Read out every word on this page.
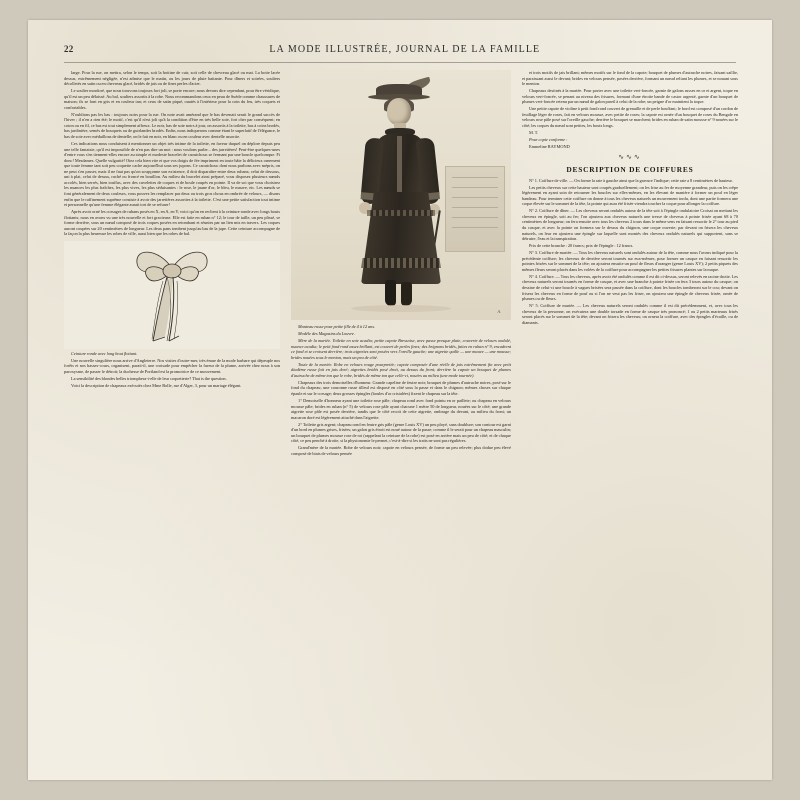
22	LA MODE ILLUSTRÉE, JOURNAL DE LA FAMILLE

large. Pour la rue, on mettra, selon le temps, soit la bottine de cuir, soit celle de chevreau glacé ou mat. La botte lacée dessus, extrêmement négligée, n'est admise que le matin, ou les jours de pluie battante. Pour dîners et soirées, souliers décolletés en satin ou en chevreau glacé, bridés de jais ou de fines perles d'acier.

Le soulier mordoré, que nous trouvons toujours fort joli, se porte encore; nous devons dire cependant, pour être véridique, qu'il est un peu délaissé. Au bal, souliers assortis à la robe. Nous recommandons ceux en peau de Suède comme chaussures de maison; ils se font en gris et en couleur tan; et ceux de satin piqué, ouatés à l'intérieur pour la coin du feu, très coquets et confortables.

N'oublions pas les bas : toujours noirs pour la rue. On note avait amérand que le bas devenait serait le grand succès de l'hiver ; il n'en a rien été; le motif, c'est qu'il n'est joli qu'à la condition d'être en très belle soie, fort cher par conséquent; en coton ou en fil, ce bas est tout simplement affreux. Le noir, bas de soie noirs à jour, on assortis à la toilette, bas à coins brodés, bas jardinière, semés de bouquets ou de guirlandes brodés. Enfin, nous indiquerons comme étant le superlatif de l'élégance, le bas de soie avec médaillons de dentelle; on le fait en noir, en blanc ou en couleur avec dentelle assortie.

Ces indications nous conduisent à mentionner un objet très intime de la toilette, en faveur duquel on déplore depuis peu une telle fantaisie, qu'il est impossible de n'en pas dire un mot : nous voulons parler... des jarretières! Peut-être quelques-unes d'entre vous s'en tiennent-elles encore au simple et modeste bracelet de caoutchouc se fermant par une boucle quelconque. Fi donc! Mesdames. Quelle vulgarité! Otez cela bien vite et que vos doigts de fée impriment en toute hâte la délicieux ornement que toute femme tant soit peu coquette cache aujourd'hui sous ses jupons. Ce caoutchouc dont nous parlions avec mépris, on ne peut s'en passer, mais il ne faut pas qu'on soupçonne son existence, il doit disparaître entre deux rubans; celui de dessous, uni à plat, celui de dessus, ruché ou froncé en bouillon. Au milieu du bracelet ainsi préparé, vous disposez plusieurs nœuds accolés, bien serrés, bien touffus, avec des cuvelettes de coques et de boule coupés en pointe. Il va de soi que vous choisirez les nuances les plus fraîches, les plus vives, les plus séduisantes : le rose, le jaune d'or, le bleu, le mauve, etc. Les nœuds se font généralement de deux couleurs, vous pouvez les remplacer par deux ou trois gros chous en ombrée de velours, — disons enfin que le raffinement suprême consiste à avoir des jarretières assorties à la toilette. C'est une petite satisfaction tout intime et personnelle qu'une femme élégante aurait tort de se refuser!

Après avoir orné les corsages de rubans posés en X, en A, en Y, voici qu'on en reclient à la ceinture ronde avec longs bouts flottants; nous en avons vu une très nouvelle et fort gracieuse. Elle est faite en ruban n° 12; le tour de taille, un peu plissé, se forme derrière, sous un nœud composé de trois coques posées en retombant et réunies par un lien mis en travers. Les coques auront coupées sur 20 centimètres de longueur. Les deux pans tombent jusqu'au bas de la jupe. Cette ceinture accompagne de la façon la plus heureuse les robes de ville, aussi bien que les robes de bal.

Ceinture ronde avec long bout flottant.

Une nouvelle singulière nous arrive d'Angleterre. Nos visites d'outre-mer, très émue de la mode barbare qui dépeuple nos forêts et nos basses-cours, organisent, parait-il, une croisade pour empêcher la fureur de la plume, arrivée chez nous à son paroxysme, de passer le détroit; la duchesse de Portland est la promotrice de ce mouvement.

La sensibilité des blondes belles triomphera-t-elle de leur coquetterie? That is the question.

Voici la description de chapeaux exécutés chez Mme Bolle, rue d'Alger, 3, pour un mariage élégant.

A.

Manteau russe pour petite fille de 4 à 12 ans.

Modèle des Magasins du Louvre.

Mère de la mariée. Toilette en soie acadia; petite capote Bressoise, avec passe presque plate, couverte de velours ondulé, nuance acadia; le petit fond rond assez brillant, est couvert de perles fines; des brignons bridés, faites en ruban n° 9, encadrent ce fond et se croisent derrière; trois aigrettes sont posées vers l'oreille gauche; une aigrette quille — une mauve — une mousse; brides nouées sous le menton, mais un peu de côté.

Toute de la mariée. Robe en velours rouge pourpretée; capote composée d'une réelle de jais extrêmement fin avec petit diadème russe fait en jais doré; aigrettes bridés posé droit, au dessus du front; derrière la capote un bouquet de plumes d'autruche de même ton que le robe, bridés de même ton que celle-ci, nouées au milieu (une mode tournée).

Chapeaux des trois demoiselles d'honneur. Grande capeline de feutre noir; bouquet de plumes d'autruche noires, posé sur le fond du chapeau; une couronne russe tilleul est disposé en côté sous la passe et dans le chignon; mêmes choses sur chaque épaule et sur le corsage; deux grosses épingles (boules d'or cristalées) fixent le chapeau sur la tête.

1° Demoiselle d'honneur ayant une toilette rose pâle; chapeau rond avec fond pointu en or paillete; ou chapeau en velours mousse pâle; brides en ruban (n° 5) de velours rose pâle ayant chacune 1 mètre 50 de longueur, nouées sur le côté; une grande aigrette rose pâle est posée derrière, tandis que le côté recoit de cette aigrette, ombrage du devant, au milieu du front; un macaron doré est légèrement attaché dans l'aigrette.

2° Toilette gris argent; chapeau rond en feutre gris pâle (genre Louis XV) un peu ployé, sans doublure; son contour est garni d'un bord en plumes grises, frisées; un galon gris étroit est noué autour de la passe; comme il le serait pour un chapeau masculin; un bouquet de plumes mousse rose de roi (rappelant la ceinture de la robe) est posé en arrière mais un peu de côté; et de chaque côté, ce peu penché à droite, si la physionomie le permet, c'est-à-dire si les traits ne sont pas régulières.

Grand'mère de la mariée. Robe de velours noir; capote en velours pensée, de forme un peu relevée; plus dodue peu élevé composé de biais de velours pensée

et trois motifs de jais brillant; mêmes motifs sur le fond de la capote; bouquet de plumes d'autruche noires, faisant saillie, et paraissant aussi le devant; brides en velours pensée, posées derrière, formant un nœud reliant les plumes, et se nouant sous le menton.

Chapeaux destinés à la mariée. Pour porter avec une toilette vert-foncée, garnie de galons russes en or et argent, toque en velours vert-foncée, se penant au niveau des frisures, formant d'une étroite bande de castor argenté, garnie d'un bouquet de plumes vert-foncée retenu par un nœud de galon pareil à celui de la robe; un peigne d'or maintient la toque.

Une petite capote de violine à petit fond rond couvert de grenaille et de perle bouffant; le bord est composé d'un cordon de feuillage léger de roses, fait en velours mousse, avec petite de roses; la capote est ornée d'un bouquet de roses du Bengale en velours rose pâle posé sur l'oreille gauche; derrière le bouquet se marchent; brides en ruban de satin mousse n° 9 nouées sur le côté; les coques du nœud sont petites, les bouts longs.

M. T.

Pour copie conforme :

Emmeline RAYMOND

∿∿∿
DESCRIPTION DE COIFFURES

N° 1. Coiffure de ville. — On forme la raie à gauche ainsi que la gravure l'indique; cette raie a 8 centimètres de hauteur.

Les petits cheveux sur cette hauteur sont coupés graduellement; on les frise au fer de moyenne grandeur, puis on les crêpe légèrement en ayant soin de retourner les boucles sur elles-mêmes, en les élevant de manière à former un pouf en léger bandeau. Pour terminer cette coiffure on donne à tous les cheveux naturels un mouvement tordu, dont une partie formera une coque élevée sur le sommet de la tête, la pointe qui aura été frisée viendra toucher la coque pour allonger la coiffure.

N° 2. Coiffure de dîner. — Les cheveux seront ondulés autour de la tête soit à l'épingle ondulatoire Croisat on mettant les cheveux en épingle, soit au fer; l'on ajoutera aux cheveux naturels une tresse de cheveux à pointe frisée ayant 68 à 70 centimètres de longueur; on fera ensuite avec tous les cheveux 2 tours dans le même sens en faisant ressortir le 2° tour au pied du casque, et avec la pointe on formera sur le dessus du chignon, une coque ouverte; par devant on frisera les cheveux naturels, on leur en ajoutera une épingle sur laquelle sont montés des cheveux ondulés naturels qui supportent, sans se détruire, l'eau et la transpiration.

Prix de cette branche : 20 francs; prix de l'épingle : 12 francs.

N° 3. Coiffure de mariée. — Tous les cheveux naturels sont ondulés autour de la tête, comme nous l'avons indiqué pour la précédente coiffure; les cheveux de derrière seront tournés sur eux-mêmes, pour former un casque en faisant ressortir les pointes frisées sur le sommet de la tête; on ajoutera ensuite un pouf de fleurs d'oranger (genre Louis XV); 2 petits piquets des mêmes fleurs seront placés dans les volées de la coiffure pour accompagner les petites frisures plantes sur la nuque.

N° 4. Coiffure. — Tous les cheveux, après avoir été ondulés comme il est dit ci-dessus, seront relevés en racine droite. Les cheveux naturels seront tournés en forme de casque, et avec une branche à pointe frisée on fera 3 tours autour du casque; on dessine de celui-ci une boucle à vagues brisées sera passée dans la coiffure, dont les boucles tomberont sur le cou; devant on frisera les cheveux en forme de pouf ou si l'on ne veut pas les friser, on ajoutera une épingle de cheveux frisée, ornée de plumes ou de fleurs.

N° 5. Coiffure de mariée. — Les cheveux naturels seront ondulés comme il est dit précédemment, et, avec tous les cheveux de la personne, on exécutera une double torsade en forme de casque très prononcé; 1 ou 2 petits marteaux frisés seront placés sur le sommet de la tête; devant on frisera les cheveux; on ornera la coiffure, avec des épingles d'écaille, ou de diamants.
